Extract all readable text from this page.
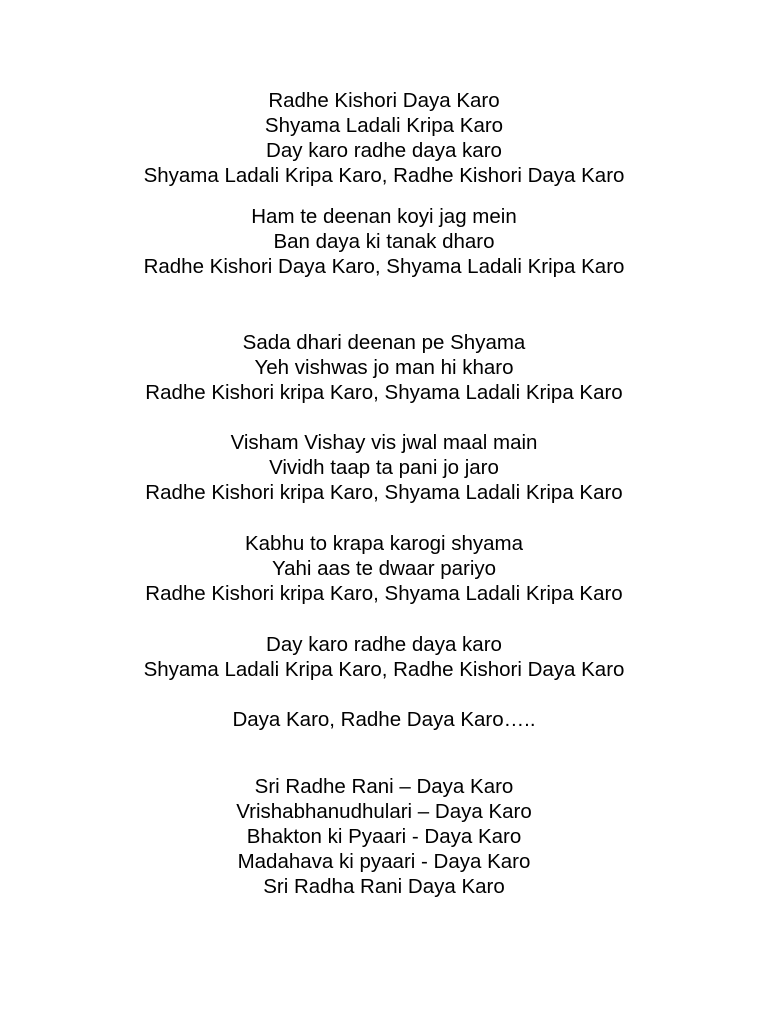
Radhe Kishori Daya Karo
Shyama Ladali Kripa Karo
Day karo radhe daya karo
Shyama Ladali Kripa Karo, Radhe Kishori Daya Karo
Ham te deenan koyi jag mein
Ban daya ki tanak dharo
Radhe Kishori Daya Karo, Shyama Ladali Kripa Karo
Sada dhari deenan pe Shyama
Yeh vishwas jo man hi kharo
Radhe Kishori kripa Karo, Shyama Ladali Kripa Karo
Visham Vishay vis jwal maal main
Vividh taap ta pani jo jaro
Radhe Kishori kripa Karo, Shyama Ladali Kripa Karo
Kabhu to krapa karogi shyama
Yahi aas te dwaar pariyo
Radhe Kishori kripa Karo, Shyama Ladali Kripa Karo
Day karo radhe daya karo
Shyama Ladali Kripa Karo, Radhe Kishori Daya Karo
Daya Karo, Radhe Daya Karo…..
Sri Radhe Rani – Daya Karo
Vrishabhanudhulari – Daya Karo
Bhakton ki Pyaari - Daya Karo
Madahava ki pyaari - Daya Karo
Sri Radha Rani Daya Karo
